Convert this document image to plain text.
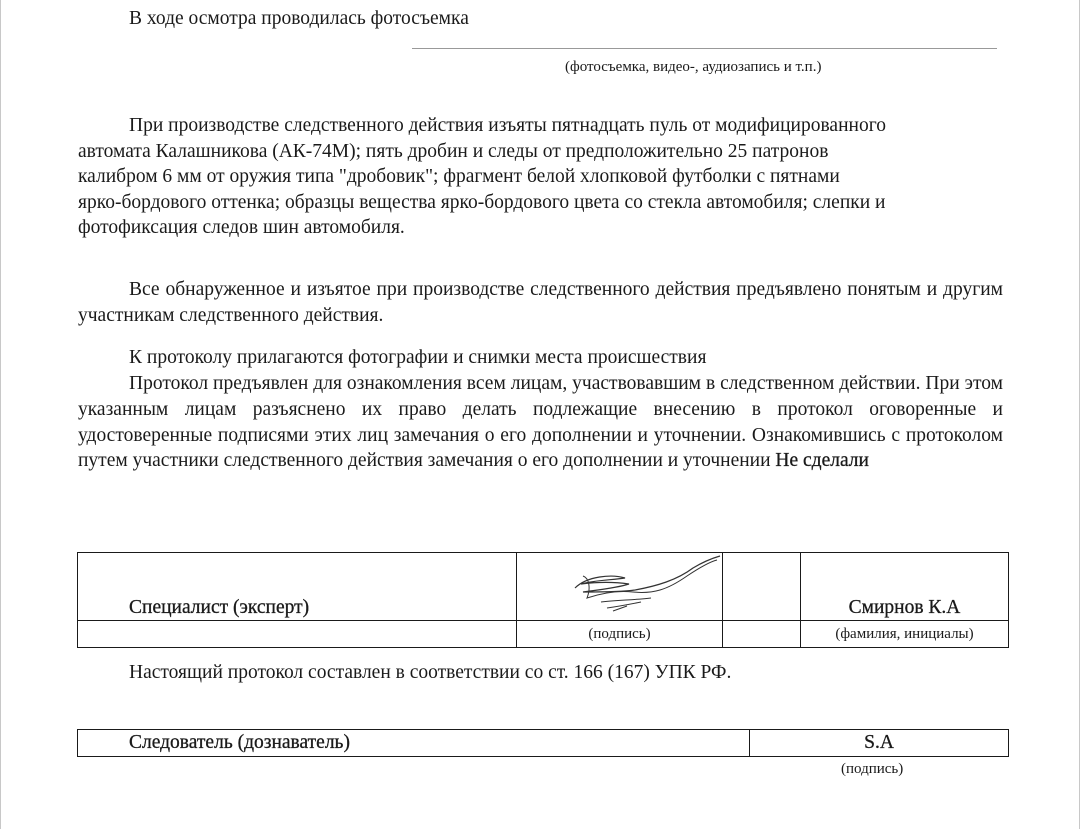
В ходе осмотра проводилась фотосъемка
(фотосъемка, видео-, аудиозапись и т.п.)
При производстве следственного действия изъяты пятнадцать пуль от модифицированного
автомата Калашникова (АК-74М); пять дробин и следы от предположительно 25 патронов
калибром 6 мм от оружия типа "дробовик"; фрагмент белой хлопковой футболки с пятнами
ярко-бордового оттенка; образцы вещества ярко-бордового цвета со стекла автомобиля; слепки и
фотофиксация следов шин автомобиля.
Все обнаруженное и изъятое при производстве следственного действия предъявлено понятым и другим участникам следственного действия.
К протоколу прилагаются фотографии и снимки места происшествия
Протокол предъявлен для ознакомления всем лицам, участвовавшим в следственном действии. При этом указанным лицам разъяснено их право делать подлежащие внесению в протокол оговоренные и удостоверенные подписями этих лиц замечания о его дополнении и уточнении. Ознакомившись с протоколом путем участники следственного действия замечания о его дополнении и уточнении Не сделали
Специалист (эксперт)			Смирнов К.А
	(подпись)		(фамилия, инициалы)
Настоящий протокол составлен в соответствии со ст. 166 (167) УПК РФ.
Следователь (дознаватель)	S.A
(подпись)
